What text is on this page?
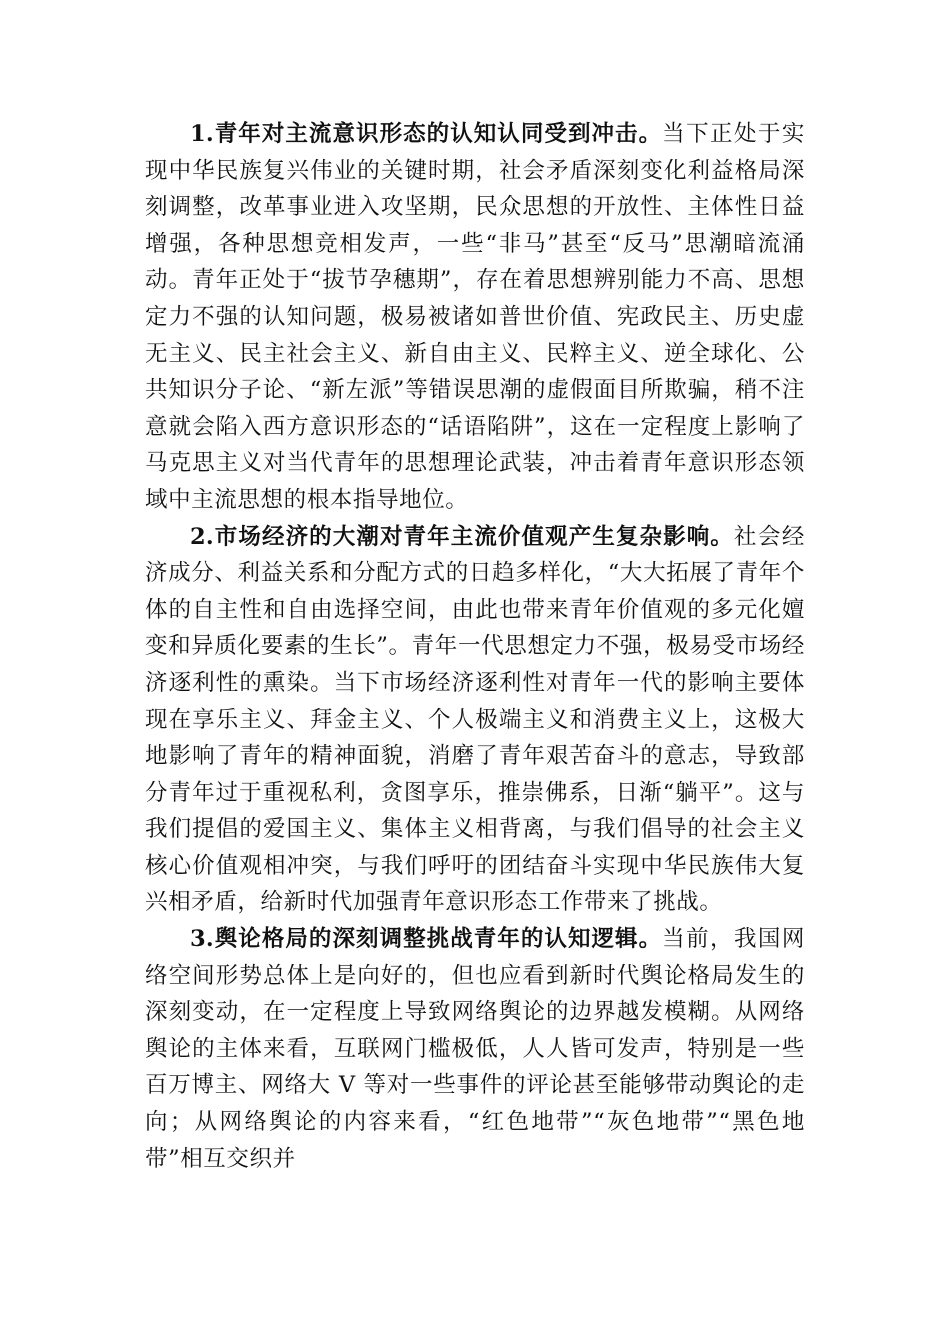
1.青年对主流意识形态的认知认同受到冲击。当下正处于实现中华民族复兴伟业的关键时期，社会矛盾深刻变化利益格局深刻调整，改革事业进入攻坚期，民众思想的开放性、主体性日益增强，各种思想竞相发声，一些“非马”甚至“反马”思潮暗流涌动。青年正处于“拔节孕穗期”，存在着思想辨别能力不高、思想定力不强的认知问题，极易被诸如普世价值、宪政民主、历史虚无主义、民主社会主义、新自由主义、民粹主义、逆全球化、公共知识分子论、“新左派”等错误思潮的虚假面目所欺骗，稍不注意就会陷入西方意识形态的“话语陷阱”，这在一定程度上影响了马克思主义对当代青年的思想理论武装，冲击着青年意识形态领域中主流思想的根本指导地位。

2.市场经济的大潮对青年主流价值观产生复杂影响。社会经济成分、利益关系和分配方式的日趋多样化，“大大拓展了青年个体的自主性和自由选择空间，由此也带来青年价值观的多元化嬗变和异质化要素的生长”。青年一代思想定力不强，极易受市场经济逐利性的熏染。当下市场经济逐利性对青年一代的影响主要体现在享乐主义、拜金主义、个人极端主义和消费主义上，这极大地影响了青年的精神面貌，消磨了青年艰苦奋斗的意志，导致部分青年过于重视私利，贪图享乐，推崇佛系，日渐“躺平”。这与我们提倡的爱国主义、集体主义相背离，与我们倡导的社会主义核心价值观相冲突，与我们呼吁的团结奋斗实现中华民族伟大复兴相矛盾，给新时代加强青年意识形态工作带来了挑战。

3.舆论格局的深刻调整挑战青年的认知逻辑。当前，我国网络空间形势总体上是向好的，但也应看到新时代舆论格局发生的深刻变动，在一定程度上导致网络舆论的边界越发模糊。从网络舆论的主体来看，互联网门槛极低，人人皆可发声，特别是一些百万博主、网络大 V 等对一些事件的评论甚至能够带动舆论的走向；从网络舆论的内容来看，“红色地带”“灰色地带”“黑色地带”相互交织并
